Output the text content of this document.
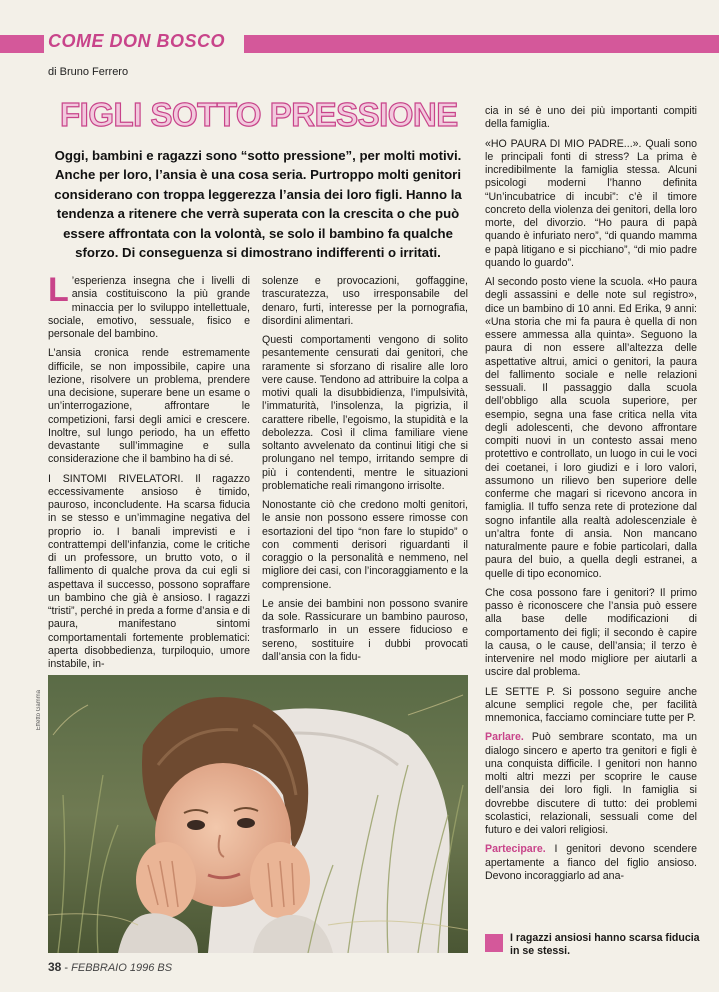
COME DON BOSCO
di Bruno Ferrero
FIGLI SOTTO PRESSIONE
Oggi, bambini e ragazzi sono “sotto pressione”, per molti motivi. Anche per loro, l’ansia è una cosa seria. Purtroppo molti genitori considerano con troppa leggerezza l’ansia dei loro figli. Hanno la tendenza a ritenere che verrà superata con la crescita o che può essere affrontata con la volontà, se solo il bambino fa qualche sforzo. Di conseguenza si dimostrano indifferenti o irritati.

L ’esperienza insegna che i livelli di ansia costituiscono la più grande minaccia per lo sviluppo intellettuale, sociale, emotivo, sessuale, fisico e personale del bambino.

L’ansia cronica rende estremamente difficile, se non impossibile, capire una lezione, risolvere un problema, prendere una decisione, superare bene un esame o un’interrogazione, affrontare le competizioni, farsi degli amici e crescere. Inoltre, sul lungo periodo, ha un effetto devastante sull’immagine e sulla considerazione che il bambino ha di sé.

I SINTOMI RIVELATORI. Il ragazzo eccessivamente ansioso è timido, pauroso, inconcludente. Ha scarsa fiducia in se stesso e un’immagine negativa del proprio io. I banali imprevisti e i contrattempi dell’infanzia, come le critiche di un professore, un brutto voto, o il fallimento di qualche prova da cui egli si aspettava il successo, possono sopraffare un bambino che già è ansioso. I ragazzi “tristi”, perché in preda a forme d’ansia e di paura, manifestano sintomi comportamentali fortemente problematici: aperta disobbedienza, turpiloquio, umore instabile, in-

solenze e provocazioni, goffaggine, trascuratezza, uso irresponsabile del denaro, furti, interesse per la pornografia, disordini alimentari.

Questi comportamenti vengono di solito pesantemente censurati dai genitori, che raramente si sforzano di risalire alle loro vere cause. Tendono ad attribuire la colpa a motivi quali la disubbidienza, l’impulsività, l’immaturità, l’insolenza, la pigrizia, il carattere ribelle, l’egoismo, la stupidità e la debolezza. Così il clima familiare viene soltanto avvelenato da continui litigi che si prolungano nel tempo, irritando sempre di più i contendenti, mentre le situazioni problematiche reali rimangono irrisolte.

Nonostante ciò che credono molti genitori, le ansie non possono essere rimosse con esortazioni del tipo “non fare lo stupido” o con commenti derisori riguardanti il coraggio o la personalità e nemmeno, nel migliore dei casi, con l’incoraggiamento e la comprensione.

Le ansie dei bambini non possono svanire da sole. Rassicurare un bambino pauroso, trasformarlo in un essere fiducioso e sereno, sostituire i dubbi provocati dall’ansia con la fidu-

cia in sé è uno dei più importanti compiti della famiglia.

«HO PAURA DI MIO PADRE...». Quali sono le principali fonti di stress? La prima è incredibilmente la famiglia stessa. Alcuni psicologi moderni l’hanno definita “Un’incubatrice di incubi”: c’è il timore concreto della violenza dei genitori, della loro morte, del divorzio. “Ho paura di papà quando è infuriato nero”, “di quando mamma e papà litigano e si picchiano”, “di mio padre quando lo guardo”.

Al secondo posto viene la scuola. «Ho paura degli assassini e delle note sul registro», dice un bambino di 10 anni. Ed Erika, 9 anni: «Una storia che mi fa paura è quella di non essere ammessa alla quinta». Seguono la paura di non essere all’altezza delle aspettative altrui, amici o genitori, la paura del fallimento sociale e nelle relazioni sessuali. Il passaggio dalla scuola dell’obbligo alla scuola superiore, per esempio, segna una fase critica nella vita degli adolescenti, che devono affrontare compiti nuovi in un contesto assai meno protettivo e controllato, un luogo in cui le voci dei coetanei, i loro giudizi e i loro valori, assumono un rilievo ben superiore delle conferme che magari si ricevono ancora in famiglia. Il tuffo senza rete di protezione dal sogno infantile alla realtà adolescenziale è un’altra fonte di ansia. Non mancano naturalmente paure e fobie particolari, dalla paura del buio, a quella degli estranei, a quelle di tipo economico.

Che cosa possono fare i genitori? Il primo passo è riconoscere che l’ansia può essere alla base delle modificazioni di comportamento dei figli; il secondo è capire la causa, o le cause, dell’ansia; il terzo è intervenire nel modo migliore per aiutarli a uscire dal problema.

LE SETTE P. Si possono seguire anche alcune semplici regole che, per facilità mnemonica, facciamo cominciare tutte per P.

Parlare. Può sembrare scontato, ma un dialogo sincero e aperto tra genitori e figli è una conquista difficile. I genitori non hanno molti altri mezzi per scoprire le cause dell’ansia dei loro figli. In famiglia si dovrebbe discutere di tutto: dei problemi scolastici, relazionali, sessuali come del futuro e dei valori religiosi.

Partecipare. I genitori devono scendere apertamente a fianco del figlio ansioso. Devono incoraggiarlo ad ana-

Effetto Gamma
I ragazzi ansiosi hanno scarsa fiducia in se stessi.
38 - FEBBRAIO 1996 BS
